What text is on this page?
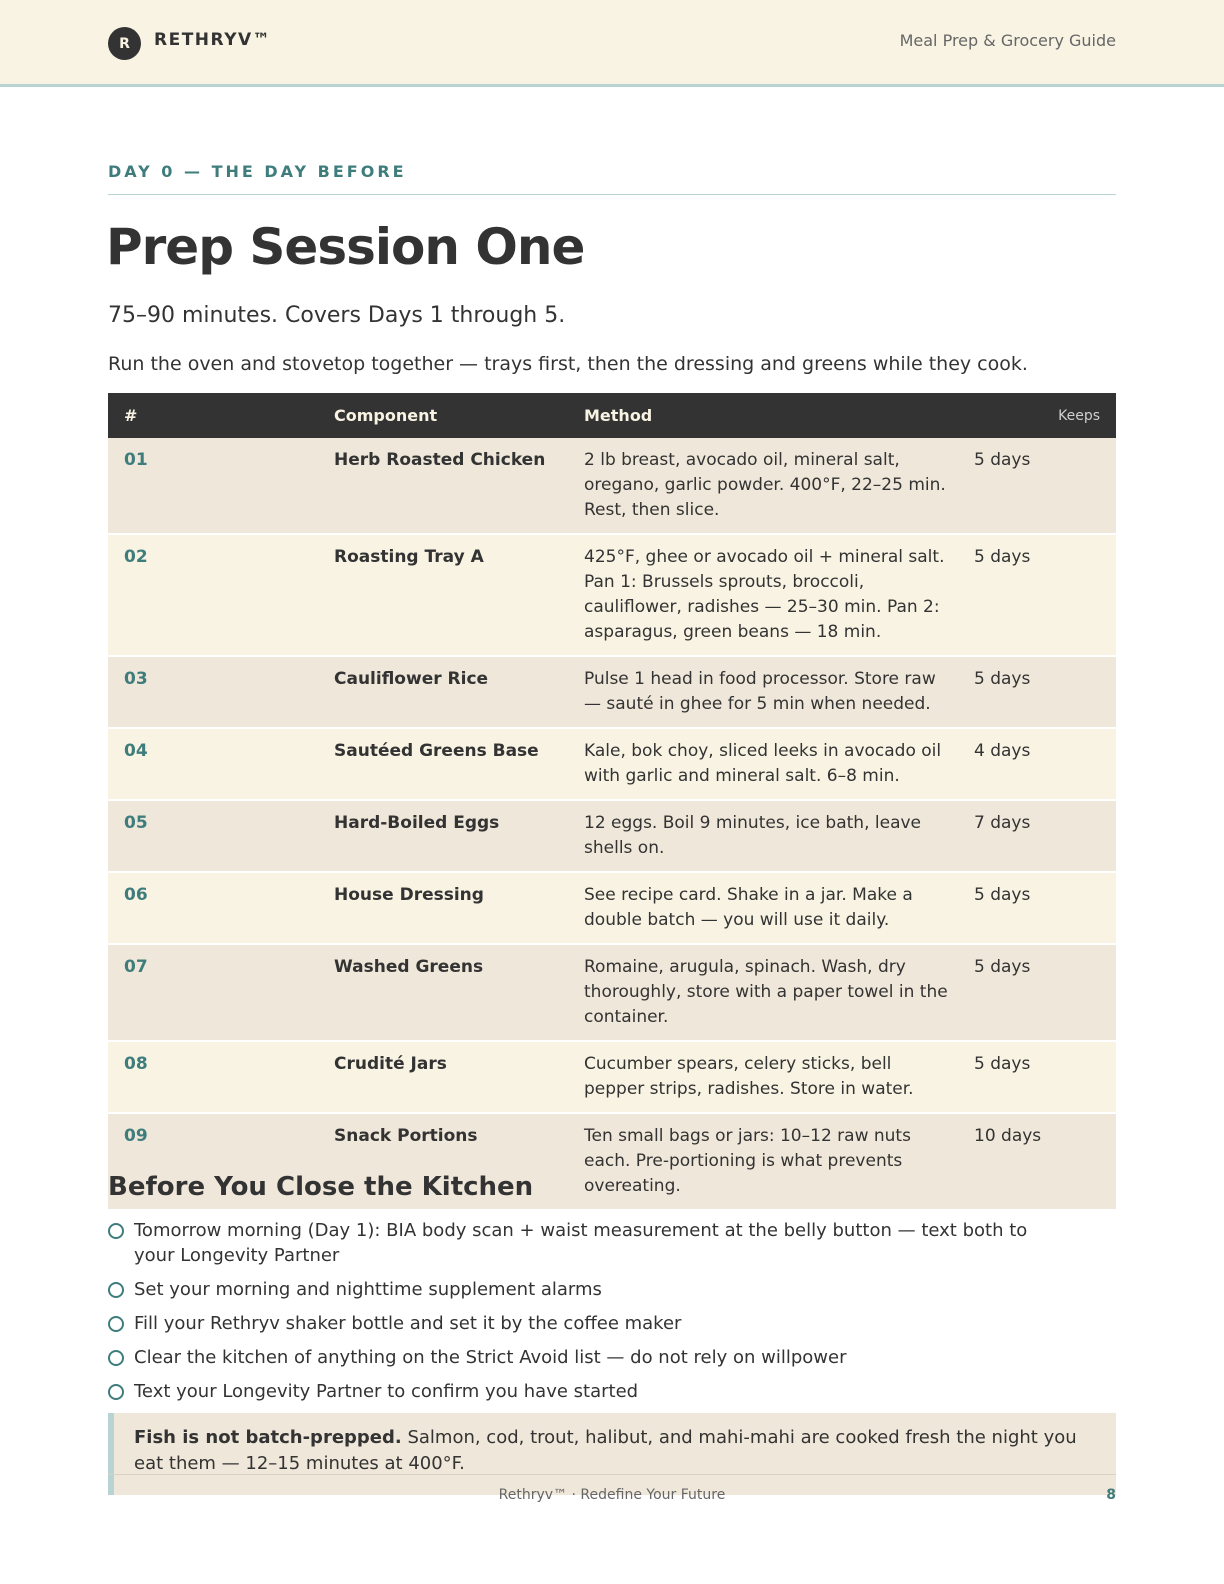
R	RETHRYV™	Meal Prep & Grocery Guide
DAY 0 — THE DAY BEFORE
Prep Session One
75–90 minutes. Covers Days 1 through 5.

Run the oven and stovetop together — trays first, then the dressing and greens while they cook.

#	Component	Method	Keeps
01	Herb Roasted Chicken	2 lb breast, avocado oil, mineral salt, oregano, garlic powder. 400°F, 22–25 min. Rest, then slice.	5 days
02	Roasting Tray A	425°F, ghee or avocado oil + mineral salt. Pan 1: Brussels sprouts, broccoli, cauliflower, radishes — 25–30 min. Pan 2: asparagus, green beans — 18 min.	5 days
03	Cauliflower Rice	Pulse 1 head in food processor. Store raw — sauté in ghee for 5 min when needed.	5 days
04	Sautéed Greens Base	Kale, bok choy, sliced leeks in avocado oil with garlic and mineral salt. 6–8 min.	4 days
05	Hard-Boiled Eggs	12 eggs. Boil 9 minutes, ice bath, leave shells on.	7 days
06	House Dressing	See recipe card. Shake in a jar. Make a double batch — you will use it daily.	5 days
07	Washed Greens	Romaine, arugula, spinach. Wash, dry thoroughly, store with a paper towel in the container.	5 days
08	Crudité Jars	Cucumber spears, celery sticks, bell pepper strips, radishes. Store in water.	5 days
09	Snack Portions	Ten small bags or jars: 10–12 raw nuts each. Pre-portioning is what prevents overeating.	10 days
Before You Close the Kitchen
Tomorrow morning (Day 1): BIA body scan + waist measurement at the belly button — text both to your Longevity Partner
Set your morning and nighttime supplement alarms
Fill your Rethryv shaker bottle and set it by the coffee maker
Clear the kitchen of anything on the Strict Avoid list — do not rely on willpower
Text your Longevity Partner to confirm you have started
Fish is not batch-prepped. Salmon, cod, trout, halibut, and mahi-mahi are cooked fresh the night you eat them — 12–15 minutes at 400°F.
Rethryv™ · Redefine Your Future	8
